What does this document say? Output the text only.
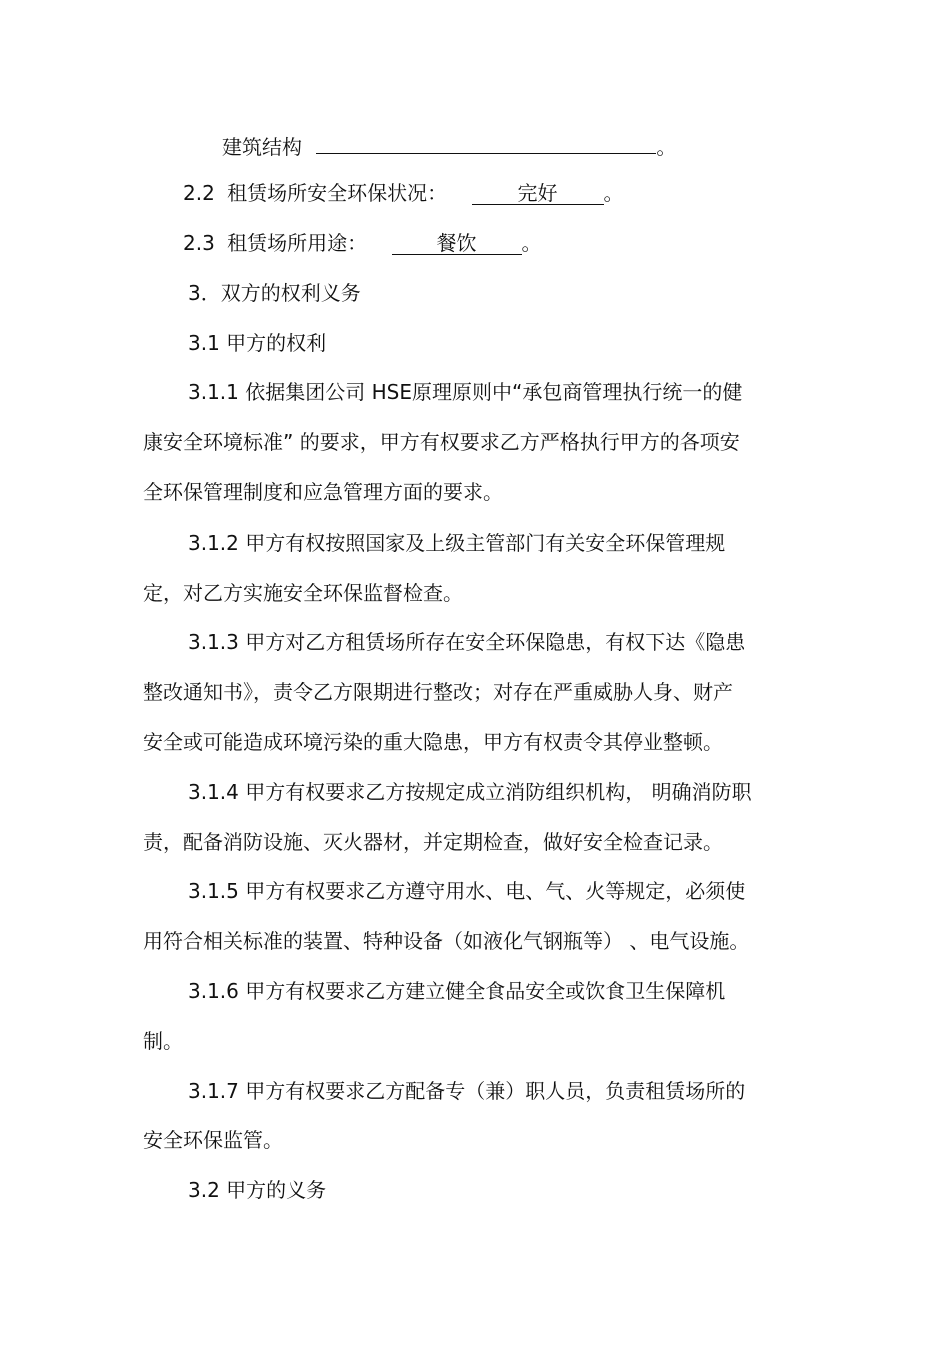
建筑结构	。
2.2 租赁场所安全环保状况：	完好 。
2.3 租赁场所用途：	餐饮 。
3．双方的权利义务
3.1 甲方的权利
3.1.1 依据集团公司 HSE原理原则中“承包商管理执行统一的健
康安全环境标准” 的要求，甲方有权要求乙方严格执行甲方的各项安
全环保管理制度和应急管理方面的要求。
3.1.2 甲方有权按照国家及上级主管部门有关安全环保管理规
定，对乙方实施安全环保监督检查。
3.1.3 甲方对乙方租赁场所存在安全环保隐患，有权下达《隐患
整改通知书》，责令乙方限期进行整改；对存在严重威胁人身、财产
安全或可能造成环境污染的重大隐患，甲方有权责令其停业整顿。
3.1.4 甲方有权要求乙方按规定成立消防组织机构， 明确消防职
责，配备消防设施、灭火器材，并定期检查，做好安全检查记录。
3.1.5 甲方有权要求乙方遵守用水、电、气、火等规定，必须使
用符合相关标准的装置、特种设备（如液化气钢瓶等） 、电气设施。
3.1.6 甲方有权要求乙方建立健全食品安全或饮食卫生保障机
制。
3.1.7 甲方有权要求乙方配备专（兼）职人员，负责租赁场所的
安全环保监管。
3.2 甲方的义务
